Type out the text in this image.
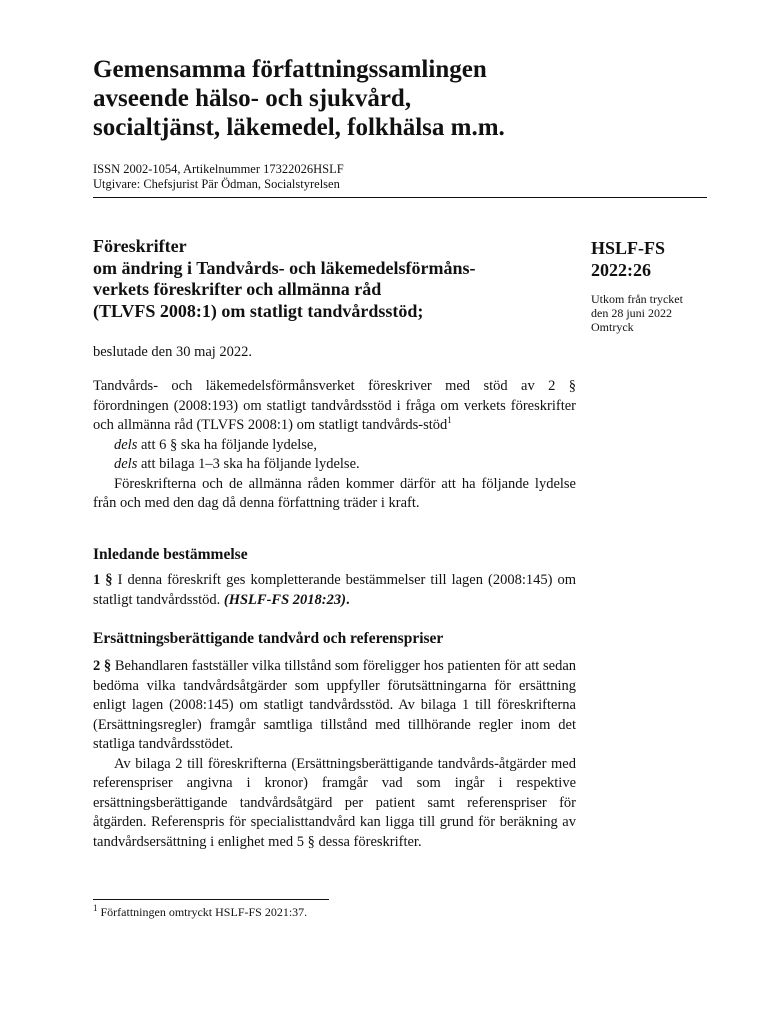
Gemensamma författningssamlingen
avseende hälso- och sjukvård,
socialtjänst, läkemedel, folkhälsa m.m.
ISSN 2002-1054, Artikelnummer 17322026HSLF
Utgivare: Chefsjurist Pär Ödman, Socialstyrelsen
Föreskrifter
om ändring i Tandvårds- och läkemedelsförmåns-
verkets föreskrifter och allmänna råd
(TLVFS 2008:1) om statligt tandvårdsstöd;
HSLF-FS
2022:26
Utkom från trycket
den 28 juni 2022
Omtryck

beslutade den 30 maj 2022.

Tandvårds- och läkemedelsförmånsverket föreskriver med stöd av 2 § förordningen (2008:193) om statligt tandvårdsstöd i fråga om verkets föreskrifter och allmänna råd (TLVFS 2008:1) om statligt tandvårds-stöd$^1$

dels att 6 § ska ha följande lydelse,

dels att bilaga 1–3 ska ha följande lydelse.

Föreskrifterna och de allmänna råden kommer därför att ha följande lydelse från och med den dag då denna författning träder i kraft.

Inledande bestämmelse

1 § I denna föreskrift ges kompletterande bestämmelser till lagen (2008:145) om statligt tandvårdsstöd. (HSLF-FS 2018:23).

Ersättningsberättigande tandvård och referenspriser

2 § Behandlaren fastställer vilka tillstånd som föreligger hos patienten för att sedan bedöma vilka tandvårdsåtgärder som uppfyller förutsättningarna för ersättning enligt lagen (2008:145) om statligt tandvårdsstöd. Av bilaga 1 till föreskrifterna (Ersättningsregler) framgår samtliga tillstånd med tillhörande regler inom det statliga tandvårdsstödet.

Av bilaga 2 till föreskrifterna (Ersättningsberättigande tandvårds-åtgärder med referenspriser angivna i kronor) framgår vad som ingår i respektive ersättningsberättigande tandvårdsåtgärd per patient samt referenspriser för åtgärden. Referenspris för specialisttandvård kan ligga till grund för beräkning av tandvårdsersättning i enlighet med 5 § dessa föreskrifter.

$^1$ Författningen omtryckt HSLF-FS 2021:37.
